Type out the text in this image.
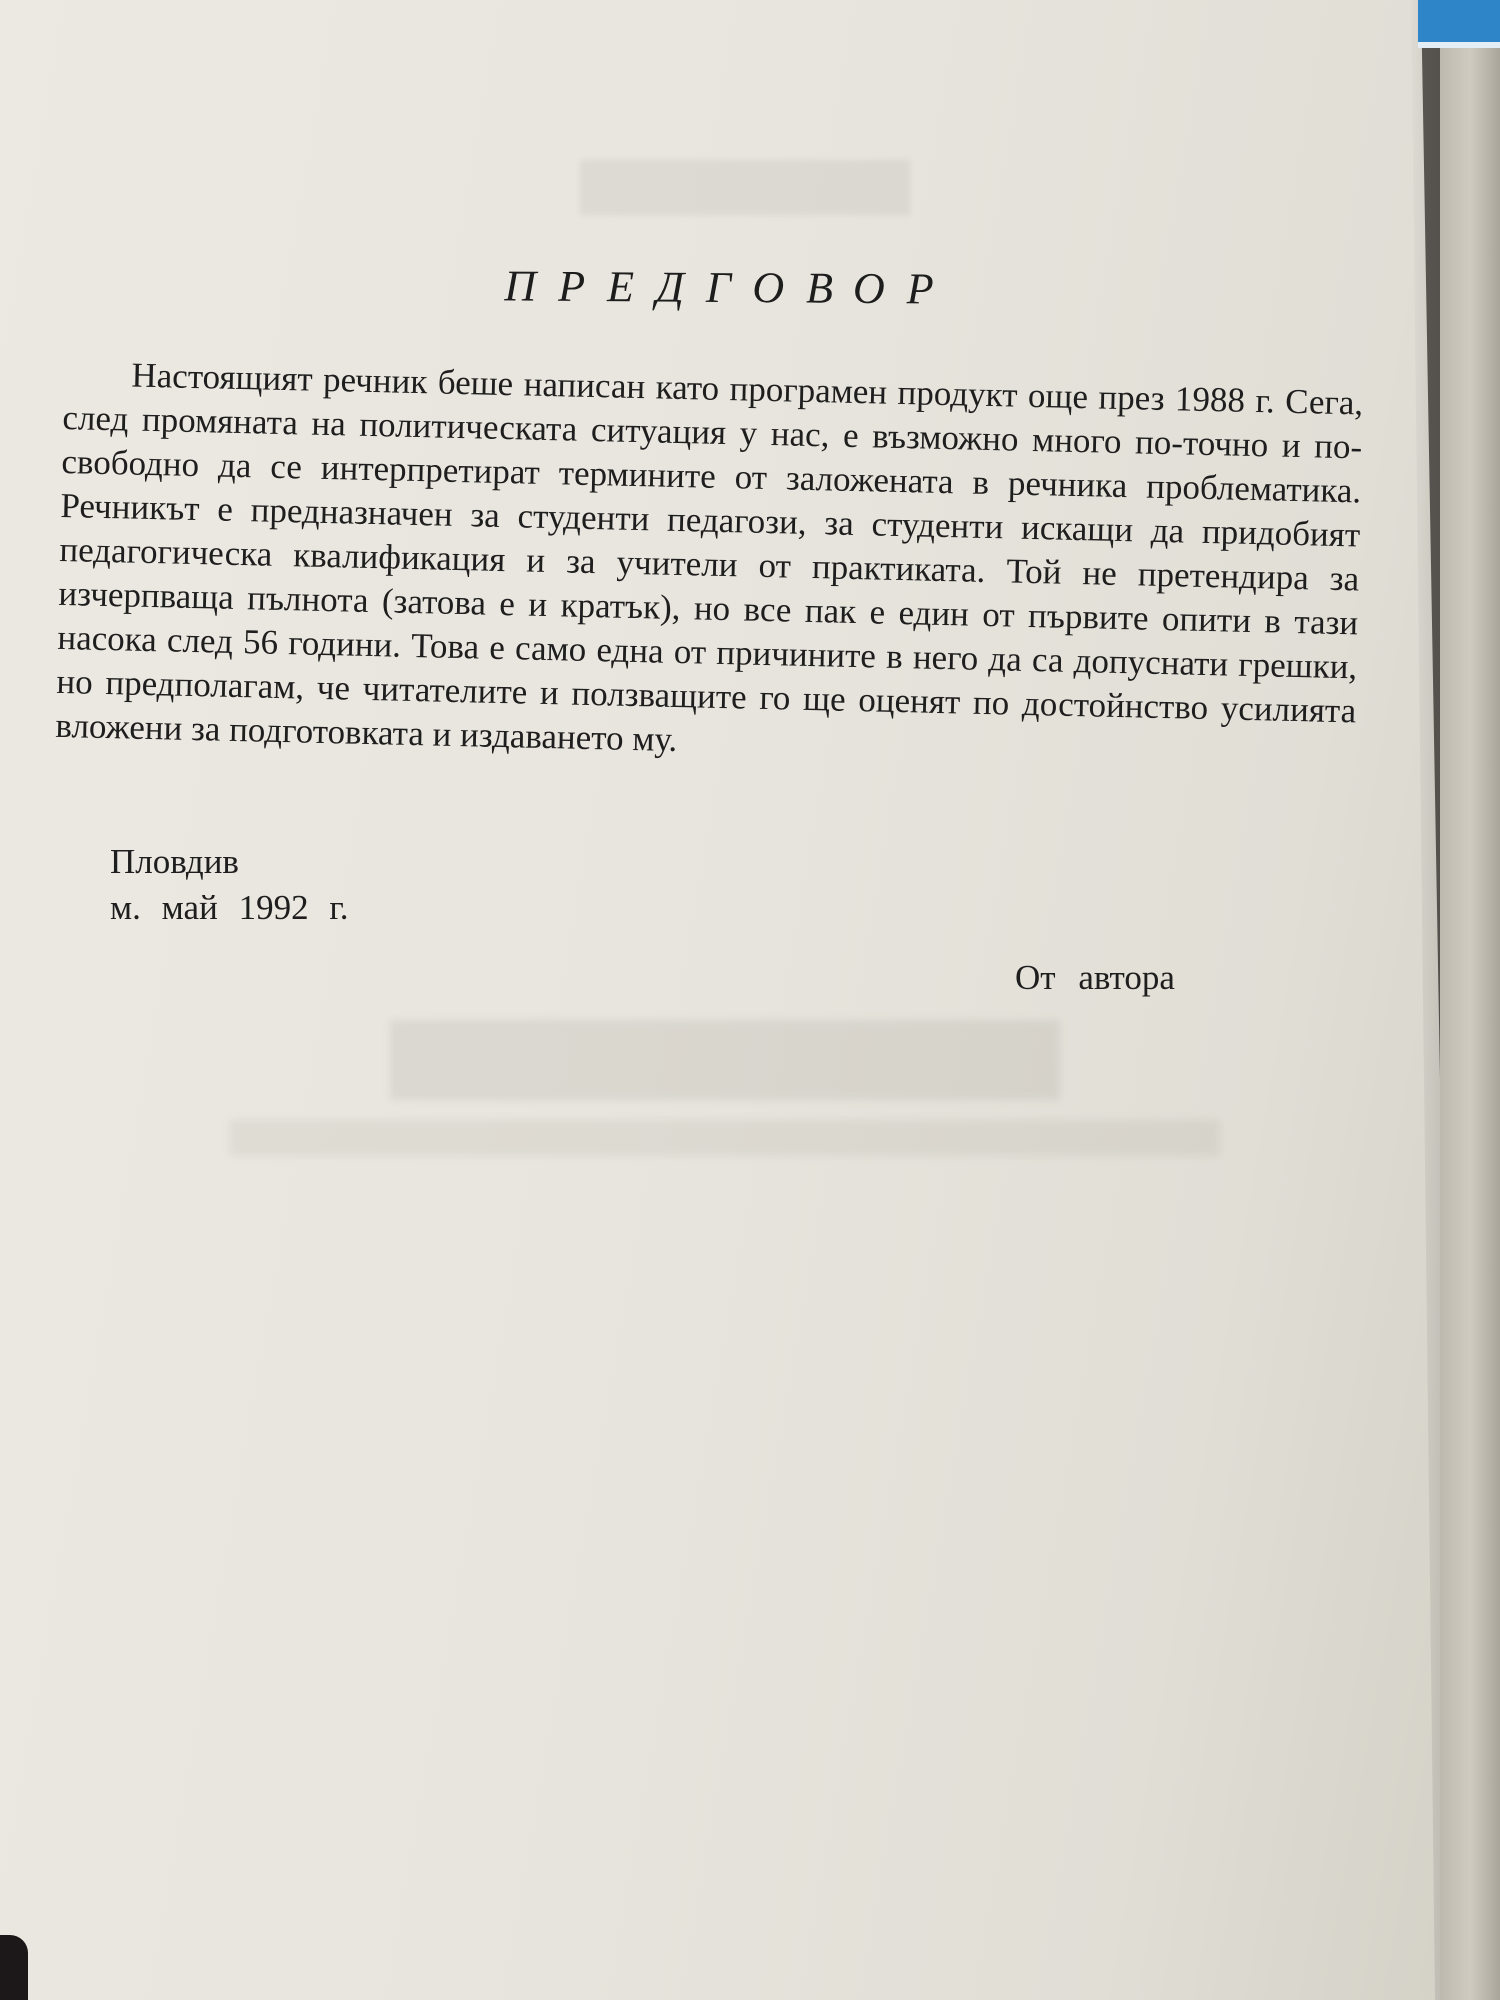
ПРЕДГОВОР
Настоящият речник беше написан като програмен продукт още през 1988 г. Сега, след промяната на политическата ситуация у нас, е възможно много по-точно и по-свободно да се интерпретират термините от заложената в речника проблематика. Речникът е предназначен за студенти педагози, за студенти искащи да придобият педагогическа квалификация и за учители от практиката. Той не претендира за изчерпваща пълнота (затова е и кратък), но все пак е един от първите опити в тази насока след 56 години. Това е само една от причините в него да са допуснати грешки, но предполагам, че читателите и ползващите го ще оценят по достойнство усилията вложени за подготовката и издаването му.
Пловдив
м. май 1992 г.
От автора
